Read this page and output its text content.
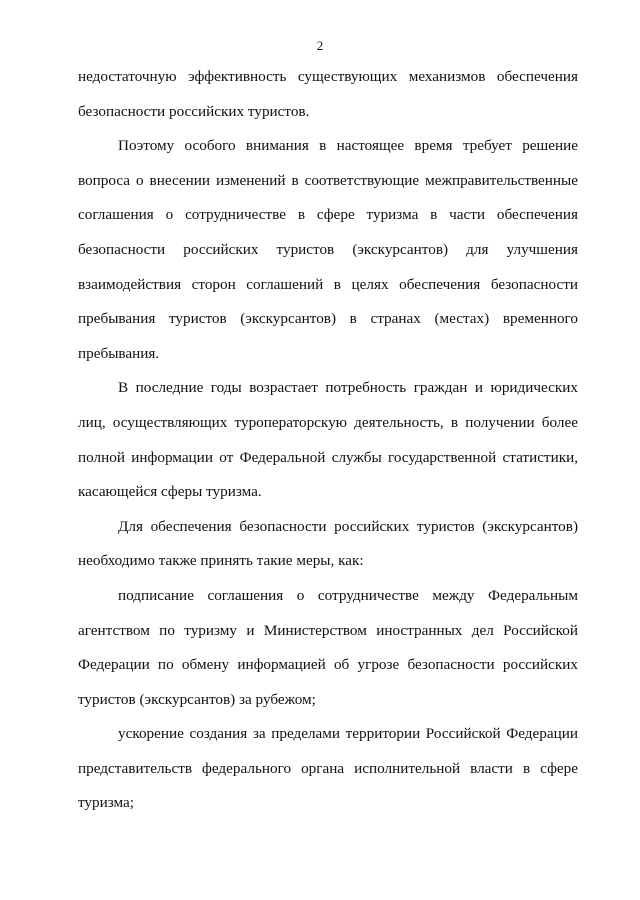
2

недостаточную эффективность существующих механизмов обеспечения безопасности российских туристов.

Поэтому особого внимания в настоящее время требует решение вопроса о внесении изменений в соответствующие межправительственные соглашения о сотрудничестве в сфере туризма в части обеспечения безопасности российских туристов (экскурсантов) для улучшения взаимодействия сторон соглашений в целях обеспечения безопасности пребывания туристов (экскурсантов) в странах (местах) временного пребывания.

В последние годы возрастает потребность граждан и юридических лиц, осуществляющих туроператорскую деятельность, в получении более полной информации от Федеральной службы государственной статистики, касающейся сферы туризма.

Для обеспечения безопасности российских туристов (экскурсантов) необходимо также принять такие меры, как:

подписание соглашения о сотрудничестве между Федеральным агентством по туризму и Министерством иностранных дел Российской Федерации по обмену информацией об угрозе безопасности российских туристов (экскурсантов) за рубежом;

ускорение создания за пределами территории Российской Федерации представительств федерального органа исполнительной власти в сфере туризма;
